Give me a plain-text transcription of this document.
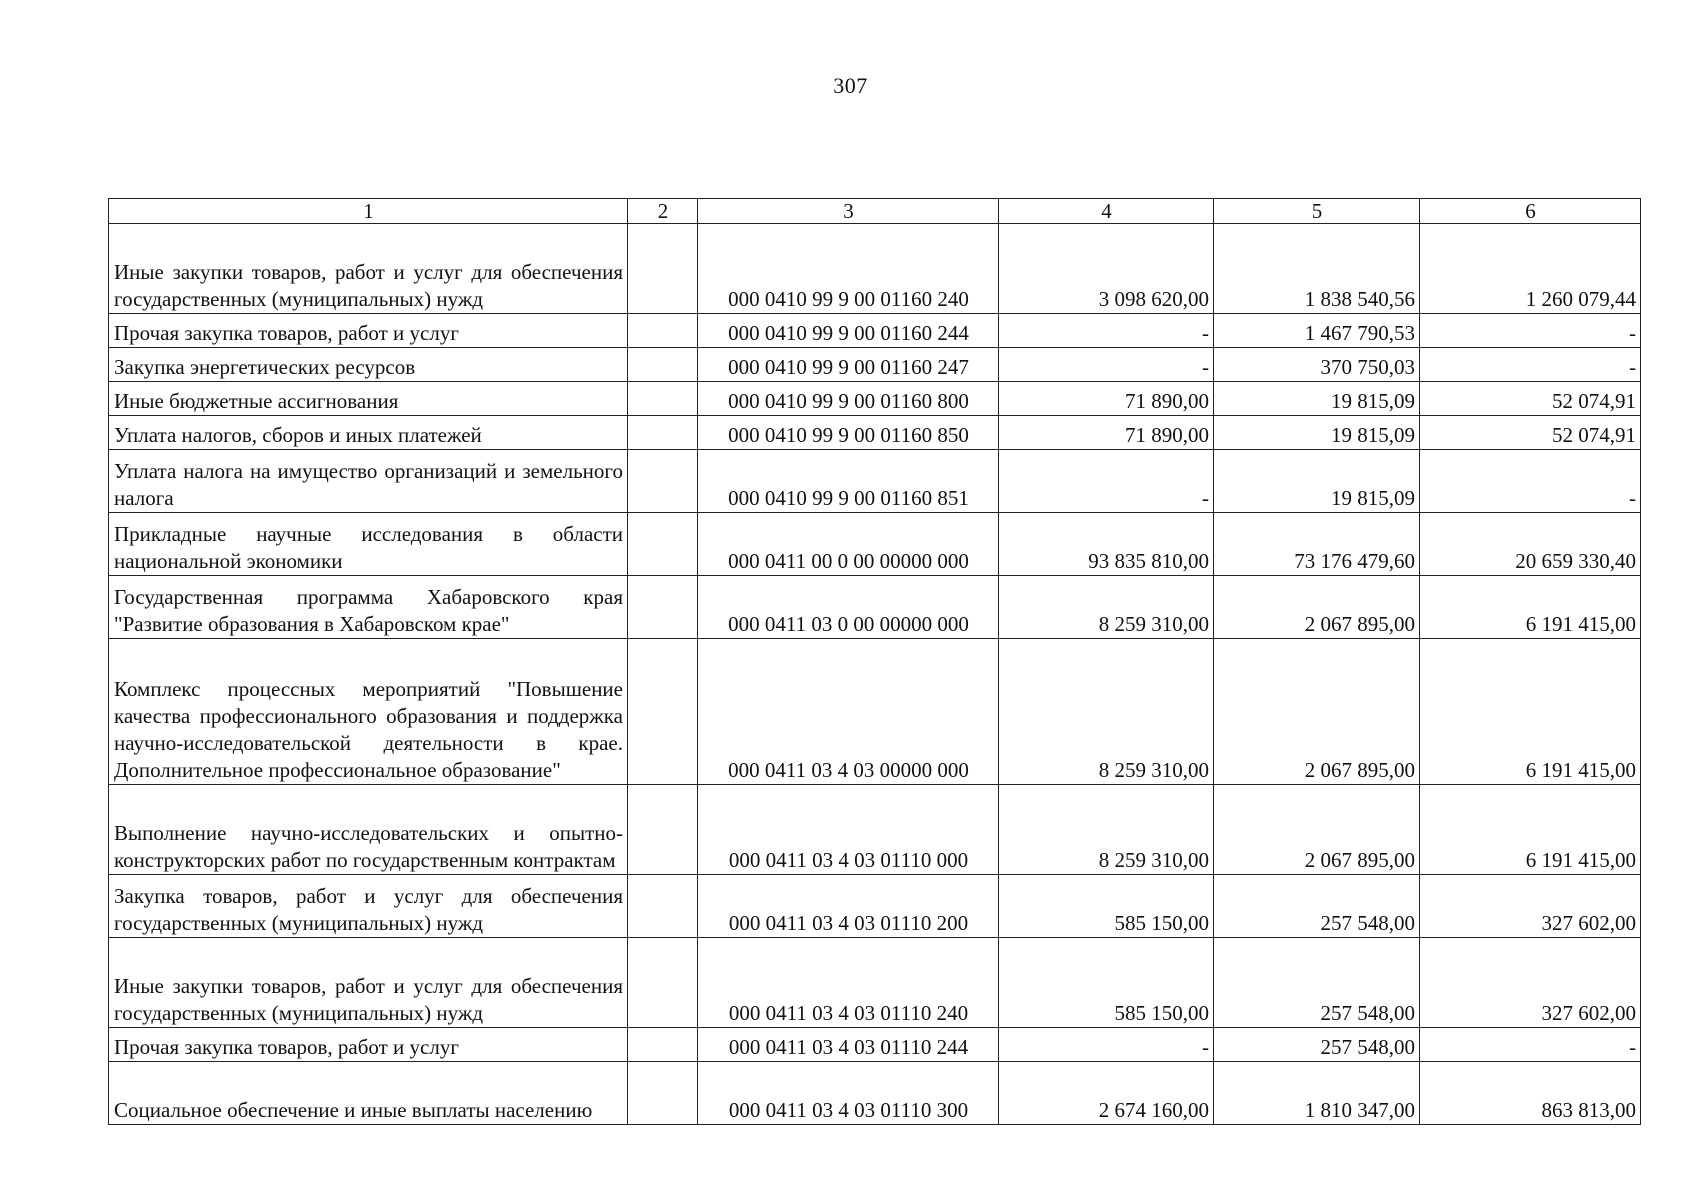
307
1	2	3	4	5	6
Иные закупки товаров, работ и услуг для обеспечения государственных (муниципальных) нужд		000 0410 99 9 00 01160 240	3 098 620,00	1 838 540,56	1 260 079,44
Прочая закупка товаров, работ и услуг		000 0410 99 9 00 01160 244	-	1 467 790,53	-
Закупка энергетических ресурсов		000 0410 99 9 00 01160 247	-	370 750,03	-
Иные бюджетные ассигнования		000 0410 99 9 00 01160 800	71 890,00	19 815,09	52 074,91
Уплата налогов, сборов и иных платежей		000 0410 99 9 00 01160 850	71 890,00	19 815,09	52 074,91
Уплата налога на имущество организаций и земельного налога		000 0410 99 9 00 01160 851	-	19 815,09	-
Прикладные научные исследования в области национальной экономики		000 0411 00 0 00 00000 000	93 835 810,00	73 176 479,60	20 659 330,40
Государственная программа Хабаровского края "Развитие образования в Хабаровском крае"		000 0411 03 0 00 00000 000	8 259 310,00	2 067 895,00	6 191 415,00
Комплекс процессных мероприятий "Повышение качества профессионального образования и поддержка научно-исследовательской деятельности в крае. Дополнительное профессиональное образование"		000 0411 03 4 03 00000 000	8 259 310,00	2 067 895,00	6 191 415,00
Выполнение научно-исследовательских и опытно-конструкторских работ по государственным контрактам		000 0411 03 4 03 01110 000	8 259 310,00	2 067 895,00	6 191 415,00
Закупка товаров, работ и услуг для обеспечения государственных (муниципальных) нужд		000 0411 03 4 03 01110 200	585 150,00	257 548,00	327 602,00
Иные закупки товаров, работ и услуг для обеспечения государственных (муниципальных) нужд		000 0411 03 4 03 01110 240	585 150,00	257 548,00	327 602,00
Прочая закупка товаров, работ и услуг		000 0411 03 4 03 01110 244	-	257 548,00	-
Социальное обеспечение и иные выплаты населению		000 0411 03 4 03 01110 300	2 674 160,00	1 810 347,00	863 813,00
